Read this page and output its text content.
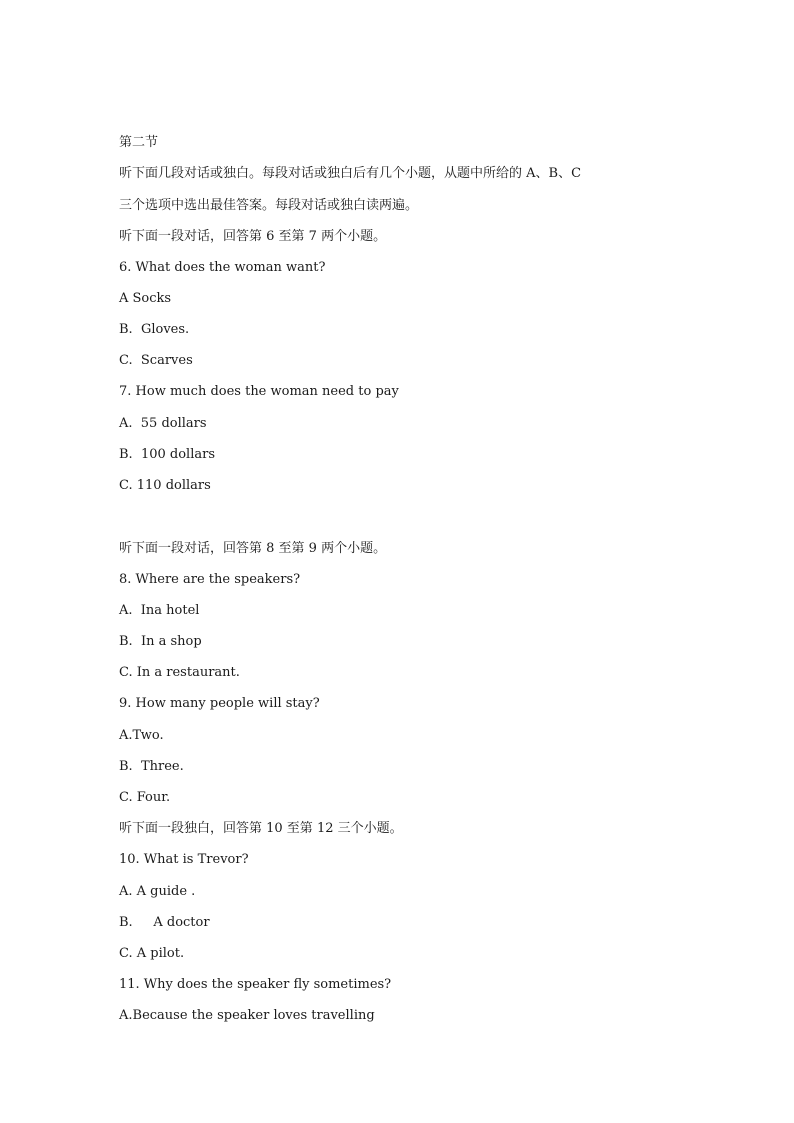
第二节
听下面几段对话或独白。每段对话或独白后有几个小题，从题中所给的 A、B、C
三个选项中选出最佳答案。每段对话或独白读两遍。
听下面一段对话，回答第 6 至第 7 两个小题。
6. What does the woman want?
A Socks
B.  Gloves.
C.  Scarves
7. How much does the woman need to pay
A.  55 dollars
B.  100 dollars
C. 110 dollars
听下面一段对话，回答第 8 至第 9 两个小题。
8. Where are the speakers?
A.  Ina hotel
B.  In a shop
C. In a restaurant.
9. How many people will stay?
A.Two.
B.  Three.
C. Four.
听下面一段独白，回答第 10 至第 12 三个小题。
10. What is Trevor?
A. A guide .
B.     A doctor
C. A pilot.
11. Why does the speaker fly sometimes?
A.Because the speaker loves travelling
